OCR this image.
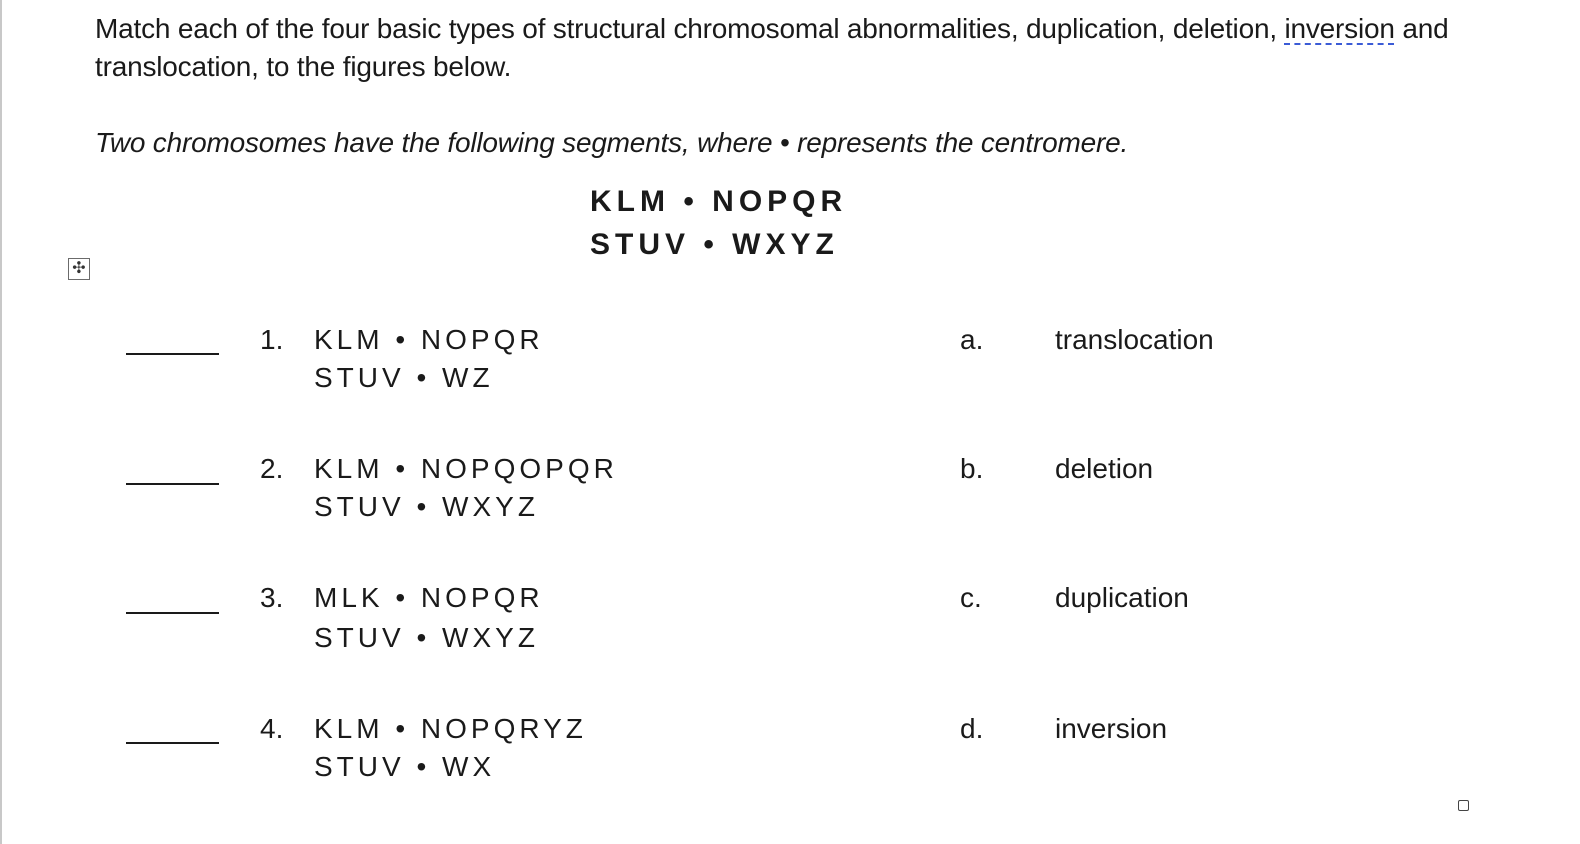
Match each of the four basic types of structural chromosomal abnormalities, duplication, deletion, inversion and translocation, to the figures below.
Two chromosomes have the following segments, where • represents the centromere.
KLM • NOPQR
STUV • WXYZ
✣
1. KLM • NOPQR
STUV • WZ
a.	translocation
2. KLM • NOPQOPQR
STUV • WXYZ
b.	deletion
3. MLK • NOPQR
STUV • WXYZ
c.	duplication
4. KLM • NOPQRYZ
STUV • WX
d.	inversion
